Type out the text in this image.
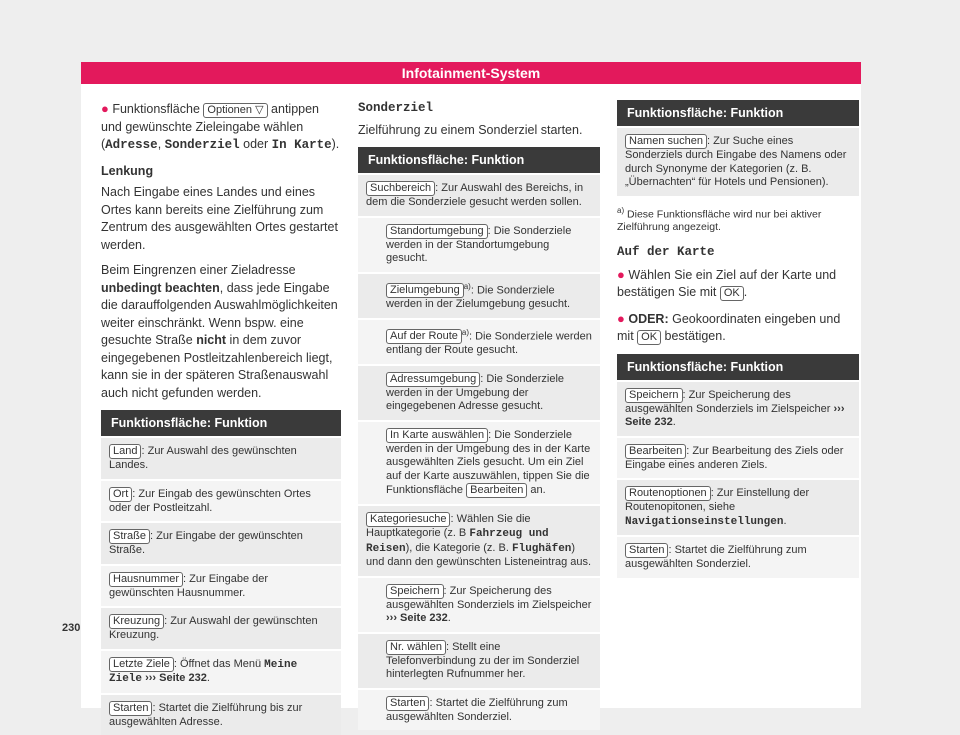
Infotainment-System

● Funktionsfläche Optionen ▽ antippen und gewünschte Zieleingabe wählen (Adresse, Sonderziel oder In Karte).

Lenkung

Nach Eingabe eines Landes und eines Ortes kann bereits eine Zielführung zum Zentrum des ausgewählten Ortes gestartet werden.

Beim Eingrenzen einer Zieladresse unbedingt beachten, dass jede Eingabe die darauffolgenden Auswahlmöglichkeiten weiter einschränkt. Wenn bspw. eine gesuchte Straße nicht in dem zuvor eingegebenen Postleitzahlenbereich liegt, kann sie in der späteren Straßenauswahl auch nicht gefunden werden.

Funktionsfläche: Funktion
Land : Zur Auswahl des gewünschten Landes.
Ort : Zur Eingab des gewünschten Ortes oder der Postleitzahl.
Straße : Zur Eingabe der gewünschten Straße.
Hausnummer : Zur Eingabe der gewünschten Hausnummer.
Kreuzung : Zur Auswahl der gewünschten Kreuzung.
Letzte Ziele : Öffnet das Menü Meine Ziele ››› Seite 232.
Starten : Startet die Zielführung bis zur ausgewählten Adresse.
Sonderziel

Zielführung zu einem Sonderziel starten.

Funktionsfläche: Funktion
Suchbereich : Zur Auswahl des Bereichs, in dem die Sonderziele gesucht werden sollen.
Standortumgebung : Die Sonderziele werden in der Standortumgebung gesucht.
Zielumgebung $^{a)}$: Die Sonderziele werden in der Zielumgebung gesucht.
Auf der Route $^{a)}$: Die Sonderziele werden entlang der Route gesucht.
Adressumgebung : Die Sonderziele werden in der Umgebung der eingegebenen Adresse gesucht.
In Karte auswählen : Die Sonderziele werden in der Umgebung des in der Karte ausgewählten Ziels gesucht. Um ein Ziel auf der Karte auszuwählen, tippen Sie die Funktionsfläche Bearbeiten an.
Kategoriesuche : Wählen Sie die Hauptkategorie (z. B Fahrzeug und Reisen), die Kategorie (z. B. Flughäfen) und dann den gewünschten Listeneintrag aus.
Speichern : Zur Speicherung des ausgewählten Sonderziels im Zielspeicher ››› Seite 232.
Nr. wählen : Stellt eine Telefonverbindung zu der im Sonderziel hinterlegten Rufnummer her.
Starten : Startet die Zielführung zum ausgewählten Sonderziel.
Funktionsfläche: Funktion
Namen suchen : Zur Suche eines Sonderziels durch Eingabe des Namens oder durch Synonyme der Kategorien (z. B. „Übernachten“ für Hotels und Pensionen).
$^{a)}$ Diese Funktionsfläche wird nur bei aktiver Zielführung angezeigt.
Auf der Karte

● Wählen Sie ein Ziel auf der Karte und bestätigen Sie mit OK .

● ODER: Geokoordinaten eingeben und mit OK bestätigen.

Funktionsfläche: Funktion
Speichern : Zur Speicherung des ausgewählten Sonderziels im Zielspeicher ››› Seite 232.
Bearbeiten : Zur Bearbeitung des Ziels oder Eingabe eines anderen Ziels.
Routenoptionen : Zur Einstellung der Routenopitonen, siehe Navigationseinstellungen.
Starten : Startet die Zielführung zum ausgewählten Sonderziel.
230
